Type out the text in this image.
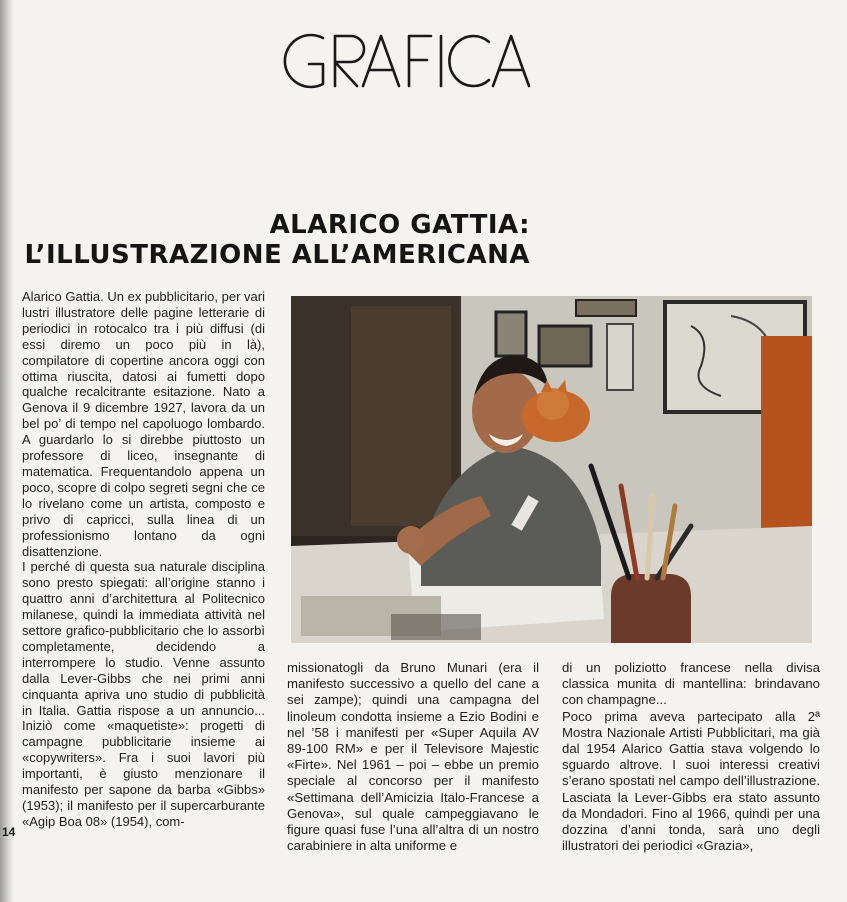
ALARICO GATTIA:
L’ILLUSTRAZIONE ALL’AMERICANA

Alarico Gattia. Un ex pubblicitario, per vari lustri illustratore delle pagine letterarie di periodici in rotocalco tra i più diffusi (di essi diremo un poco più in là), compilatore di copertine ancora oggi con ottima riuscita, datosi ai fumetti dopo qualche recalcitrante esitazione. Nato a Genova il 9 dicembre 1927, lavora da un bel po’ di tempo nel capoluogo lombardo. A guardarlo lo si direbbe piuttosto un professore di liceo, insegnante di matematica. Frequentandolo appena un poco, scopre di colpo segreti segni che ce lo rivelano come un artista, composto e privo di capricci, sulla linea di un professionismo lontano da ogni disattenzione.

I perché di questa sua naturale disciplina sono presto spiegati: all’origine stanno i quattro anni d’architettura al Politecnico milanese, quindi la immediata attività nel settore grafico-pubblicitario che lo assorbì completamente, decidendo a interrompere lo studio. Venne assunto dalla Lever-Gibbs che nei primi anni cinquanta apriva uno studio di pubblicità in Italia. Gattia rispose a un annuncio... Iniziò come «maquetiste»: progetti di campagne pubblicitarie insieme ai «copywriters». Fra i suoi lavori più importanti, è giusto menzionare il manifesto per sapone da barba «Gibbs» (1953); il manifesto per il supercarburante «Agip Boa 08» (1954), com-

missionatogli da Bruno Munari (era il manifesto successivo a quello del cane a sei zampe); quindi una campagna del linoleum condotta insieme a Ezio Bodini e nel ’58 i manifesti per «Super Aquila AV 89-100 RM» e per il Televisore Majestic «Firte». Nel 1961 – poi – ebbe un premio speciale al concorso per il manifesto «Settimana dell’Amicizia Italo-Francese a Genova», sul quale campeggiavano le figure quasi fuse l’una all’altra di un nostro carabiniere in alta uniforme e

di un poliziotto francese nella divisa classica munita di mantellina: brindavano con champagne...

Poco prima aveva partecipato alla 2ª Mostra Nazionale Artisti Pubblicitari, ma già dal 1954 Alarico Gattia stava volgendo lo sguardo altrove. I suoi interessi creativi s’erano spostati nel campo dell’illustrazione. Lasciata la Lever-Gibbs era stato assunto da Mondadori. Fino al 1966, quindi per una dozzina d’anni tonda, sarà uno degli illustratori dei periodici «Grazia»,

14
